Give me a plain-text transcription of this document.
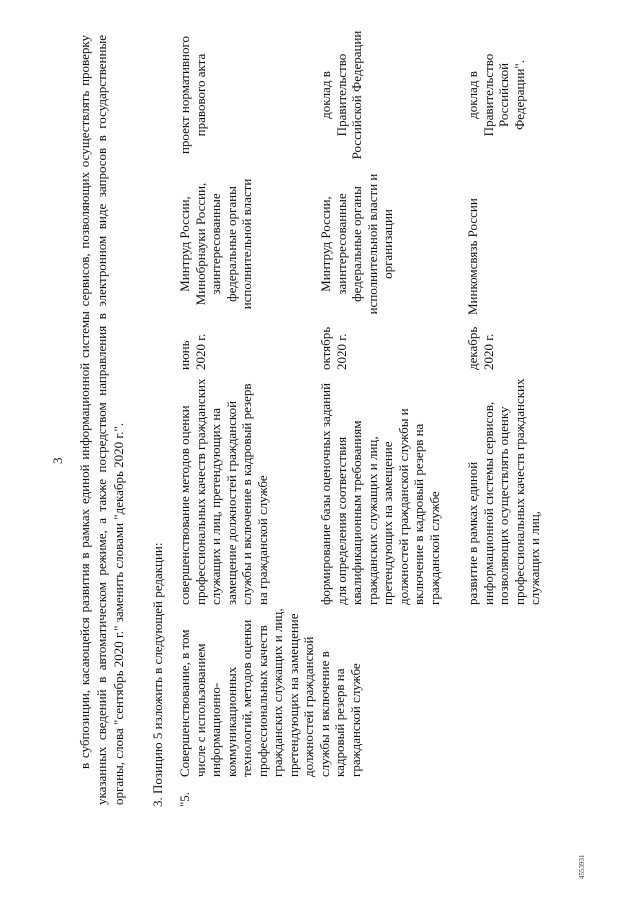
3 в субпозиции, касающейся развития в рамках единой информационной системы сервисов, позволяющих осуществлять проверку указанных сведений в автоматическом режиме, а также посредством направления в электронном виде запросов в государственные органы, слова "сентябрь 2020 г." заменить словами "декабрь 2020 г.". 3. Позицию 5 изложить в следующей редакции:
4553931
"5.
Совершенствование, в том числе с использованием информационно-коммуникационных технологий, методов оценки профессиональных качеств гражданских служащих и лиц, претендующих на замещение должностей гражданской службы и включение в кадровый резерв на гражданской службе
совершенствование методов оценки профессиональных качеств гражданских служащих и лиц, претендующих на замещение должностей гражданской службы и включение в кадровый резерв на гражданской службе
июнь 2020 г.
Минтруд России, Минобрнауки России, заинтересованные федеральные органы исполнительной власти
проект нормативного правового акта
формирование базы оценочных заданий для определения соответствия квалификационным требованиям гражданских служащих и лиц, претендующих на замещение должностей гражданской службы и включение в кадровый резерв на гражданской службе
октябрь 2020 г.
Минтруд России, заинтересованные федеральные органы исполнительной власти и организации
доклад в Правительство Российской Федерации
развитие в рамках единой информационной системы сервисов, позволяющих осуществлять оценку профессиональных качеств гражданских служащих и лиц,
декабрь 2020 г.
Минкомсвязь России
доклад в Правительство Российской Федерации".
